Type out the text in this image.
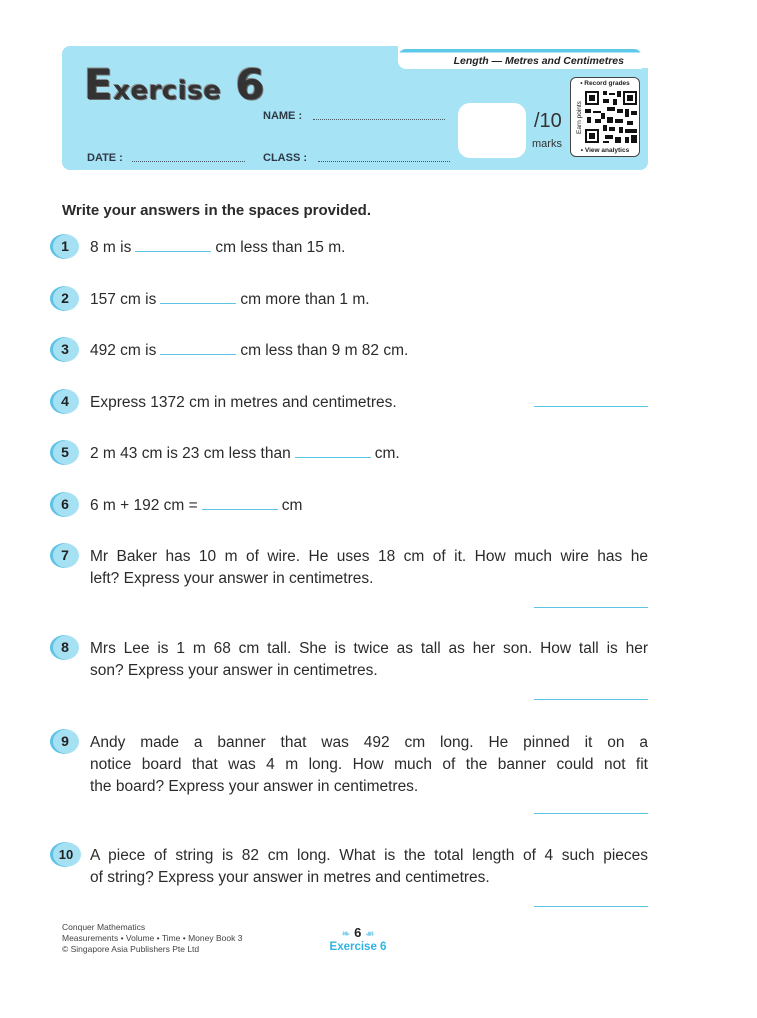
Length — Metres and Centimetres
Exercise 6
NAME :
DATE :	CLASS :
/10
marks
• Record grades
Earn points
• View analytics
Write your answers in the spaces provided.
1	8 m is	cm less than 15 m.
2	157 cm is	cm more than 1 m.
3	492 cm is	cm less than 9 m 82 cm.
4	Express 1372 cm in metres and centimetres.
5	2 m 43 cm is 23 cm less than	cm.
6	6 m + 192 cm =	cm
7	Mr Baker has 10 m of wire. He uses 18 cm of it. How much wire has he
left? Express your answer in centimetres.
8	Mrs Lee is 1 m 68 cm tall. She is twice as tall as her son. How tall is her
son? Express your answer in centimetres.
9	Andy made a banner that was 492 cm long. He pinned it on a
notice board that was 4 m long. How much of the banner could not fit
the board? Express your answer in centimetres.
10	A piece of string is 82 cm long. What is the total length of 4 such pieces
of string? Express your answer in metres and centimetres.
Conquer Mathematics
Measurements • Volume • Time • Money Book 3
© Singapore Asia Publishers Pte Ltd
❧ 6 ☙
Exercise 6
